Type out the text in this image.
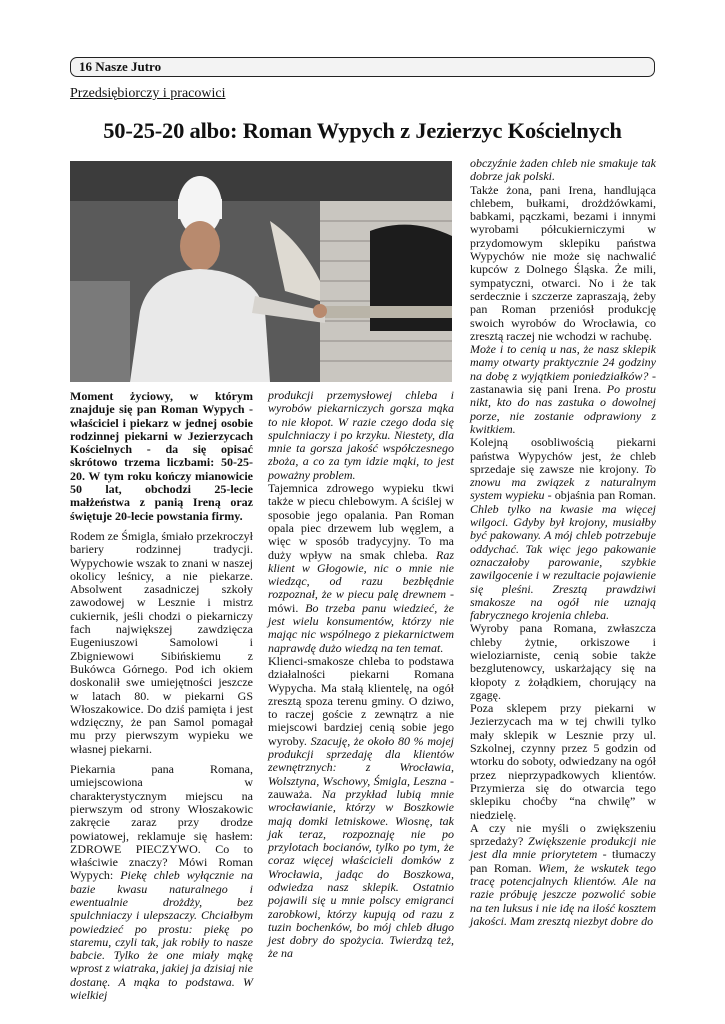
16 Nasze Jutro
Przedsiębiorczy i pracowici
50-25-20 albo: Roman Wypych z Jezierzyc Kościelnych

Moment życiowy, w którym znajduje się pan Roman Wypych - właściciel i piekarz w jednej osobie rodzinnej piekarni w Jezierzycach Kościelnych - da się opisać skrótowo trzema liczbami: 50-25-20. W tym roku kończy mianowicie 50 lat, obchodzi 25-lecie małżeństwa z panią Ireną oraz świętuje 20-lecie powstania firmy.

Rodem ze Śmigla, śmiało przekroczył bariery rodzinnej tradycji. Wypychowie wszak to znani w naszej okolicy leśnicy, a nie piekarze. Absolwent zasadniczej szkoły zawodowej w Lesznie i mistrz cukiernik, jeśli chodzi o piekarniczy fach największej zawdzięcza Eugeniuszowi Samolowi i Zbigniewowi Sibińskiemu z Bukówca Górnego. Pod ich okiem doskonalił swe umiejętności jeszcze w latach 80. w piekarni GS Włoszakowice. Do dziś pamięta i jest wdzięczny, że pan Samol pomagał mu przy pierwszym wypieku we własnej piekarni.

Piekarnia pana Romana, umiejscowiona w charakterystycznym miejscu na pierwszym od strony Włoszakowic zakręcie zaraz przy drodze powiatowej, reklamuje się hasłem: ZDROWE PIECZYWO. Co to właściwie znaczy? Mówi Roman Wypych: Piekę chleb wyłącznie na bazie kwasu naturalnego i ewentualnie drożdży, bez spulchniaczy i ulepszaczy. Chciałbym powiedzieć po prostu: piekę po staremu, czyli tak, jak robiły to nasze babcie. Tylko że one miały mąkę wprost z wiatraka, jakiej ja dzisiaj nie dostanę. A mąka to podstawa. W wielkiej

produkcji przemysłowej chleba i wyrobów piekarniczych gorsza mąka to nie kłopot. W razie czego doda się spulchniaczy i po krzyku. Niestety, dla mnie ta gorsza jakość współczesnego zboża, a co za tym idzie mąki, to jest poważny problem.

Tajemnica zdrowego wypieku tkwi także w piecu chlebowym. A ściślej w sposobie jego opalania. Pan Roman opala piec drzewem lub węglem, a więc w sposób tradycyjny. To ma duży wpływ na smak chleba. Raz klient w Głogowie, nic o mnie nie wiedząc, od razu bezbłędnie rozpoznał, że w piecu palę drewnem - mówi. Bo trzeba panu wiedzieć, że jest wielu konsumentów, którzy nie mając nic wspólnego z piekarnictwem naprawdę dużo wiedzą na ten temat.

Klienci-smakosze chleba to podstawa działalności piekarni Romana Wypycha. Ma stałą klientelę, na ogół zresztą spoza terenu gminy. O dziwo, to raczej goście z zewnątrz a nie miejscowi bardziej cenią sobie jego wyroby. Szacuję, że około 80 % mojej produkcji sprzedaję dla klientów zewnętrznych: z Wrocławia, Wolsztyna, Wschowy, Śmigla, Leszna - zauważa. Na przykład lubią mnie wrocławianie, którzy w Boszkowie mają domki letniskowe. Wiosnę, tak jak teraz, rozpoznaję nie po przylotach bocianów, tylko po tym, że coraz więcej właścicieli domków z Wrocławia, jadąc do Boszkowa, odwiedza nasz sklepik. Ostatnio pojawili się u mnie polscy emigranci zarobkowi, którzy kupują od razu z tuzin bochenków, bo mój chleb długo jest dobry do spożycia. Twierdzą też, że na

obczyźnie żaden chleb nie smakuje tak dobrze jak polski.

Także żona, pani Irena, handlująca chlebem, bułkami, drożdżówkami, babkami, pączkami, bezami i innymi wyrobami półcukierniczymi w przydomowym sklepiku państwa Wypychów nie może się nachwalić kupców z Dolnego Śląska. Że mili, sympatyczni, otwarci. No i że tak serdecznie i szczerze zapraszają, żeby pan Roman przeniósł produkcję swoich wyrobów do Wrocławia, co zresztą raczej nie wchodzi w rachubę.

Może i to cenią u nas, że nasz sklepik mamy otwarty praktycznie 24 godziny na dobę z wyjątkiem poniedziałków? - zastanawia się pani Irena. Po prostu nikt, kto do nas zastuka o dowolnej porze, nie zostanie odprawiony z kwitkiem.

Kolejną osobliwością piekarni państwa Wypychów jest, że chleb sprzedaje się zawsze nie krojony. To znowu ma związek z naturalnym system wypieku - objaśnia pan Roman. Chleb tylko na kwasie ma więcej wilgoci. Gdyby był krojony, musiałby być pakowany. A mój chleb potrzebuje oddychać. Tak więc jego pakowanie oznaczałoby parowanie, szybkie zawilgocenie i w rezultacie pojawienie się pleśni. Zresztą prawdziwi smakosze na ogół nie uznają fabrycznego krojenia chleba.

Wyroby pana Romana, zwłaszcza chleby żytnie, orkiszowe i wieloziarniste, cenią sobie także bezglutenowcy, uskarżający się na kłopoty z żołądkiem, chorujący na zgagę.

Poza sklepem przy piekarni w Jezierzycach ma w tej chwili tylko mały sklepik w Lesznie przy ul. Szkolnej, czynny przez 5 godzin od wtorku do soboty, odwiedzany na ogół przez nieprzypadkowych klientów. Przymierza się do otwarcia tego sklepiku choćby “na chwilę” w niedzielę.

A czy nie myśli o zwiększeniu sprzedaży? Zwiększenie produkcji nie jest dla mnie priorytetem - tłumaczy pan Roman. Wiem, że wskutek tego tracę potencjalnych klientów. Ale na razie próbuję jeszcze pozwolić sobie na ten luksus i nie idę na ilość kosztem jakości. Mam zresztą niezbyt dobre do
